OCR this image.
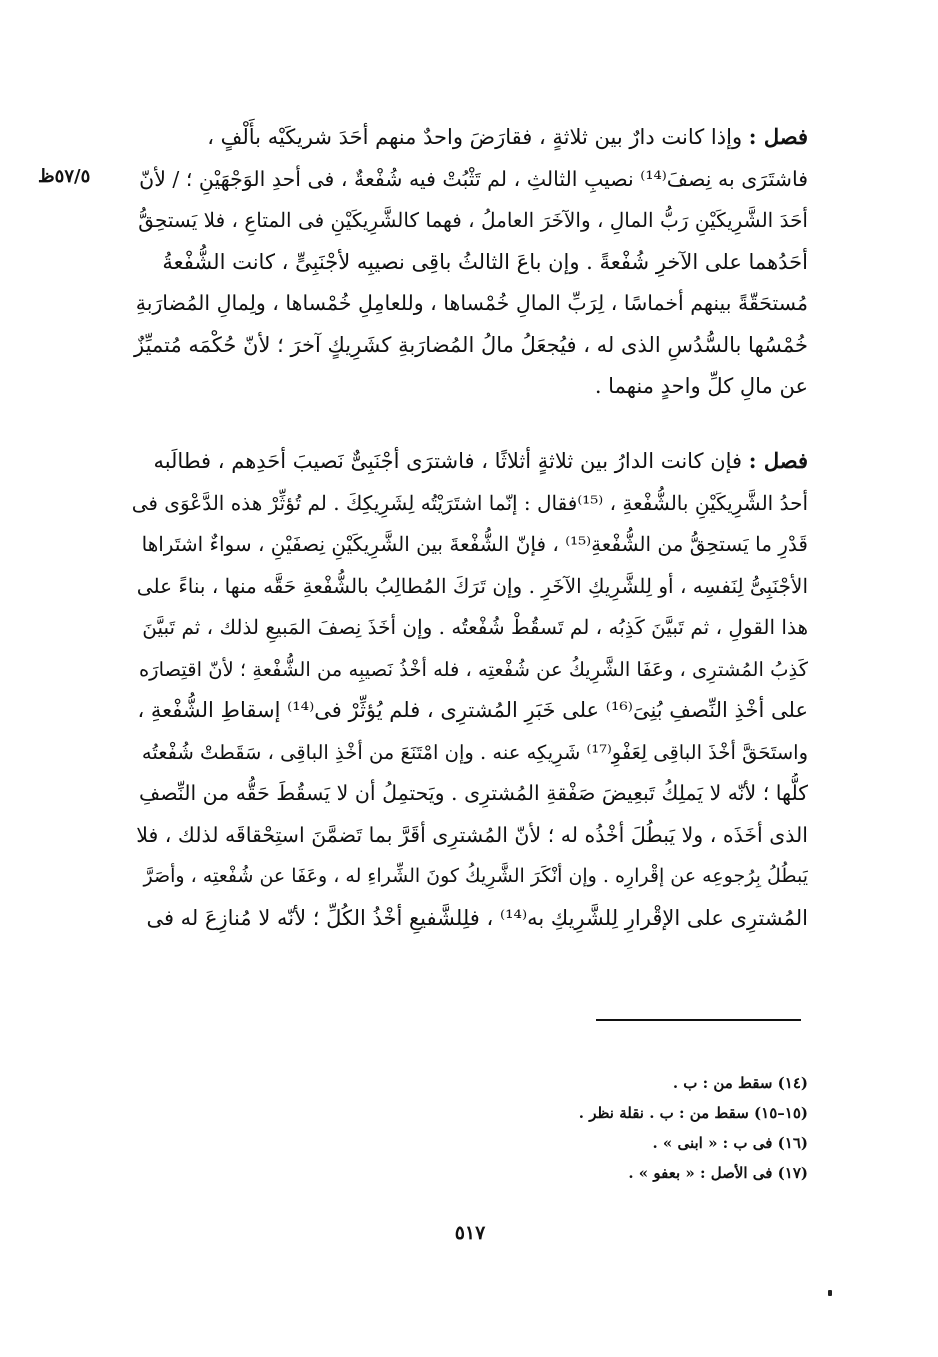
٥٧/٥ظ
فصل : وإذا كانت دارٌ بين ثلاثةٍ ، فقارَضَ واحدٌ منهم أحَدَ شريكَيْه بأَلْفٍ ،
فاشتَرَى به نِصفَ⁽¹⁴⁾ نصيبِ الثالثِ ، لم تَثْبُتْ فيه شُفْعةٌ ، فى أحدِ الوَجْهَيْنِ ؛ / لأنّ
أحَدَ الشَّرِيكَيْنِ رَبُّ المالِ ، والآخَرَ العاملُ ، فهما كالشَّرِيكَيْنِ فى المتاعِ ، فلا يَستحِقُّ
أحَدُهما على الآخرِ شُفْعةً . وإن باعَ الثالثُ باقِى نصيبِه لأجْنَبِىٍّ ، كانت الشُّفْعةُ
مُستحَقّةً بينهم أخماسًا ، لِرَبِّ المالِ خُمْساها ، وللعامِلِ خُمْساها ، ولِمالِ المُضارَبةِ
خُمْسُها بالسُّدُسِ الذى له ، فيُجعَلُ مالُ المُضارَبةِ كشَرِيكٍ آخرَ ؛ لأنّ حُكْمَه مُتميِّزٌ
عن مالِ كلِّ واحدٍ منهما .
فصل : فإن كانت الدارُ بين ثلاثةٍ أثلاثًا ، فاشترَى أجْنَبِىٌّ نَصيبَ أحَدِهم ، فطالَبه
أحدُ الشَّرِيكَيْنِ بالشُّفْعةِ ، ⁽¹⁵⁾فقال : إنّما اشتَرَيْتُه لِشَرِيكِكَ . لم تُؤثِّرْ هذه الدَّعْوَى فى
قَدْرِ ما يَستحِقُّ من الشُّفْعةِ⁽¹⁵⁾ ، فإنّ الشُّفْعةَ بين الشَّرِيكَيْنِ نِصفَيْنِ ، سواءٌ اشتَراها
الأجْنَبِىُّ لِنَفسِه ، أو لِلشَّرِيكِ الآخَرِ . وإن تَرَكَ المُطالِبُ بالشُّفْعةِ حَقَّه منها ، بناءً على
هذا القولِ ، ثم تَبيَّنَ كَذِبُه ، لم تَسقُطْ شُفْعتُه . وإن أخَذَ نِصفَ المَبيعِ لذلك ، ثم تَبيَّنَ
كَذِبُ المُشترِى ، وعَفَا الشَّرِيكُ عن شُفْعتِه ، فله أخْذُ نَصيبِه من الشُّفْعةِ ؛ لأنّ اقتِصارَه
على أخْذِ النِّصفِ بُنِىَ⁽¹⁶⁾ على خَبَرِ المُشترِى ، فلم يُؤثِّرْ فى⁽¹⁴⁾ إسقاطِ الشُّفْعةِ ،
واستَحَقَّ أخْذَ الباقِى لِعَفْوِ⁽¹⁷⁾ شَرِيكِه عنه . وإن امْتَنَعَ من أخْذِ الباقِى ، سَقَطتْ شُفْعتُه
كلُّها ؛ لأنّه لا يَملِكُ تَبعِيضَ صَفْقةِ المُشترِى . ويَحتمِلُ أن لا يَسقُطَ حَقُّه من النِّصفِ
الذى أخَذَه ، ولا يَبطُلَ أخْذُه له ؛ لأنّ المُشترِى أقَرَّ بما تَضمَّنَ استِحْقاقَه لذلك ، فلا
يَبطُلُ بِرُجوعِه عن إقْرارِه . وإن أنْكَرَ الشَّرِيكُ كونَ الشِّراءِ له ، وعَفَا عن شُفْعتِه ، وأصَرَّ
المُشترِى على الإقْرارِ لِلشَّرِيكِ به⁽¹⁴⁾ ، فلِلشَّفيعِ أخْذُ الكُلِّ ؛ لأنّه لا مُنازِعَ له فى
(١٤) سقط من : ب .
(١٥–١٥) سقط من : ب . نقلة نظر .
(١٦) فى ب : « ابنى » .
(١٧) فى الأصل : « بعفو » .
٥١٧
